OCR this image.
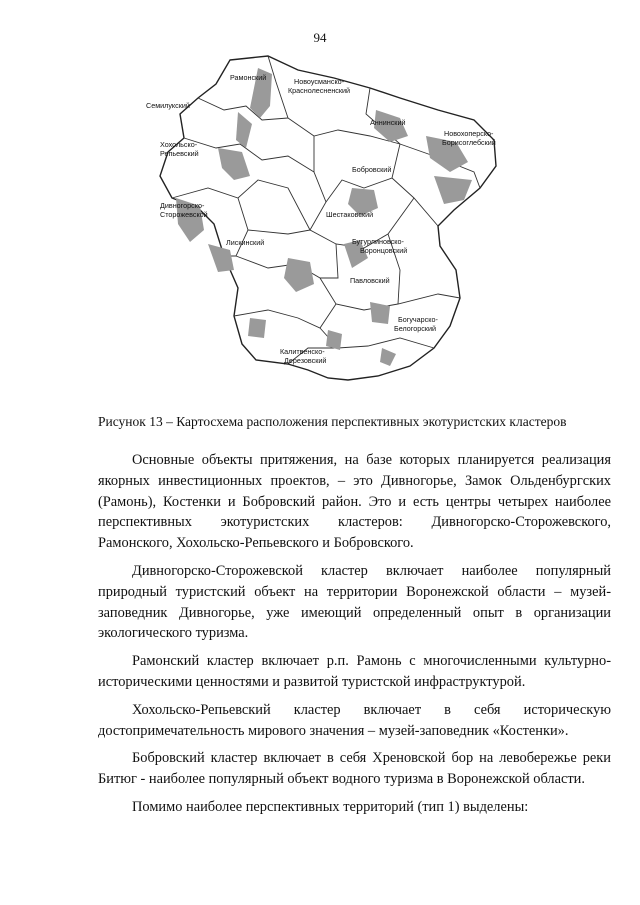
94
Рамонский	Новоусманско- Краснолесненский
Семилукский
Аннинский
Хохольско- Репьевский
Новохоперско- Борисоглебский
Бобровский
Дивногорско- Сторожевской	Шестаковский
Лискинский	Бутурлиновско- Воронцовский
Павловский
Богучарско- Белогорский
Калитвенско- Дерезовский
Рисунок 13 – Картосхема расположения перспективных экотуристских кластеров

Основные объекты притяжения, на базе которых планируется реализация якорных инвестиционных проектов, – это Дивногорье, Замок Ольденбургских (Рамонь), Костенки и Бобровский район. Это и есть центры четырех наиболее перспективных экотуристских кластеров: Дивногорско-Сторожевского, Рамонского, Хохольско-Репьевского и Бобровского.

Дивногорско-Сторожевской кластер включает наиболее популярный природный туристский объект на территории Воронежской области – музей-заповедник Дивногорье, уже имеющий определенный опыт в организации экологического туризма.

Рамонский кластер включает р.п. Рамонь с многочисленными культурно-историческими ценностями и развитой туристской инфраструктурой.

Хохольско-Репьевский кластер включает в себя историческую достопримечательность мирового значения – музей-заповедник «Костенки».

Бобровский кластер включает в себя Хреновской бор на левобережье реки Битюг - наиболее популярный объект водного туризма в Воронежской области.

Помимо наиболее перспективных территорий (тип 1) выделены:
